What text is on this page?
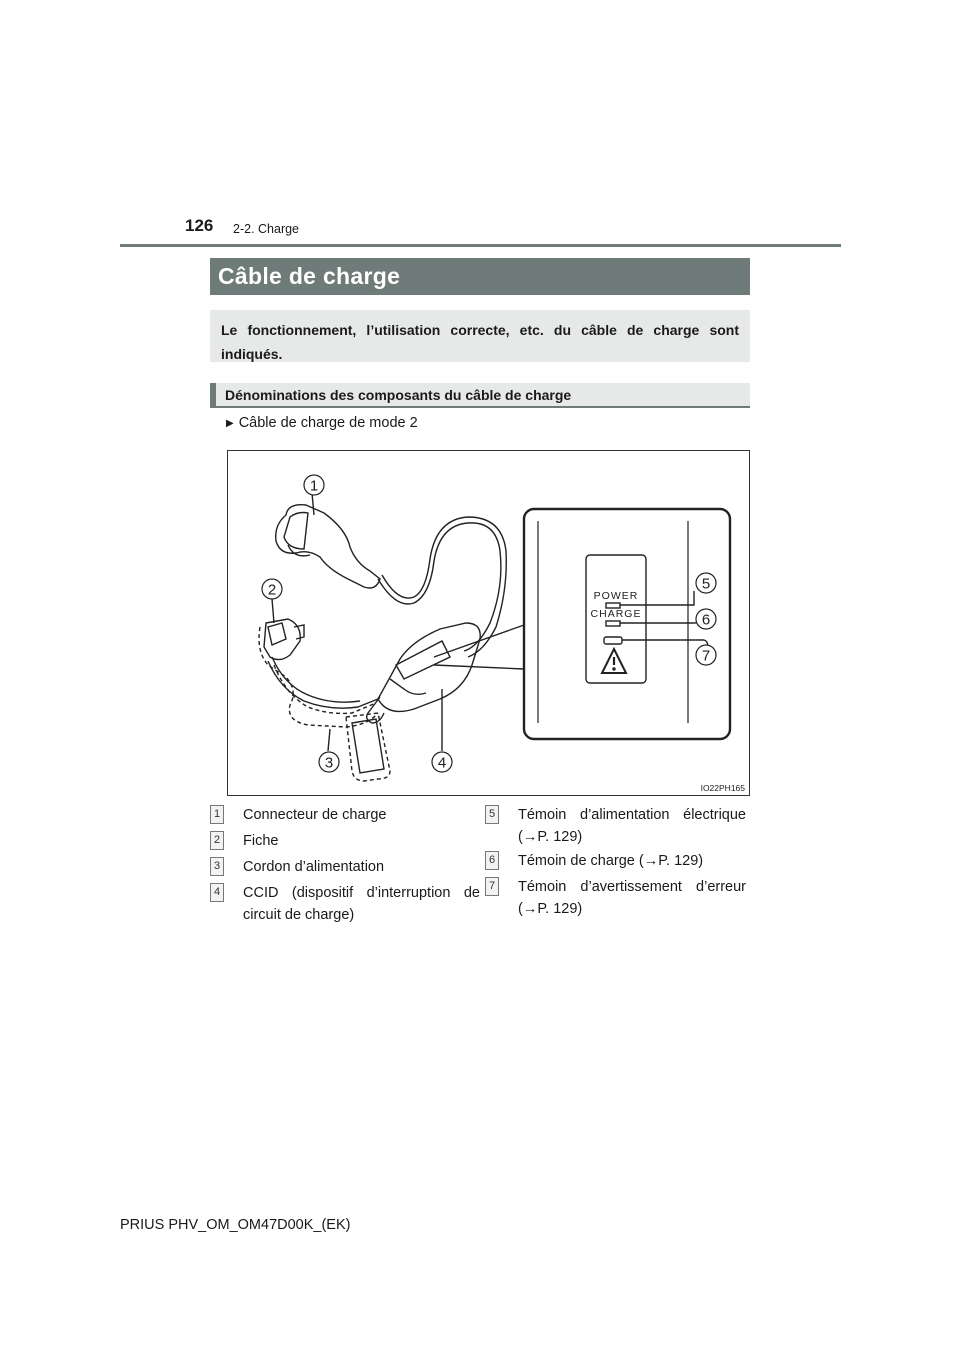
126 2-2. Charge
Câble de charge
Le fonctionnement, l’utilisation correcte, etc. du câble de charge sont indiqués.
Dénominations des composants du câble de charge
▶ Câble de charge de mode 2
POWER
CHARGE
1
2
3	4
5
6
7
IO22PH165
1 Connecteur de charge
2 Fiche
3 Cordon d’alimentation
4 CCID (dispositif d’interruption de circuit de charge)
5 Témoin d’alimentation électrique (→P. 129)
6 Témoin de charge (→P. 129)
7 Témoin d’avertissement d’erreur (→P. 129)
PRIUS PHV_OM_OM47D00K_(EK)
